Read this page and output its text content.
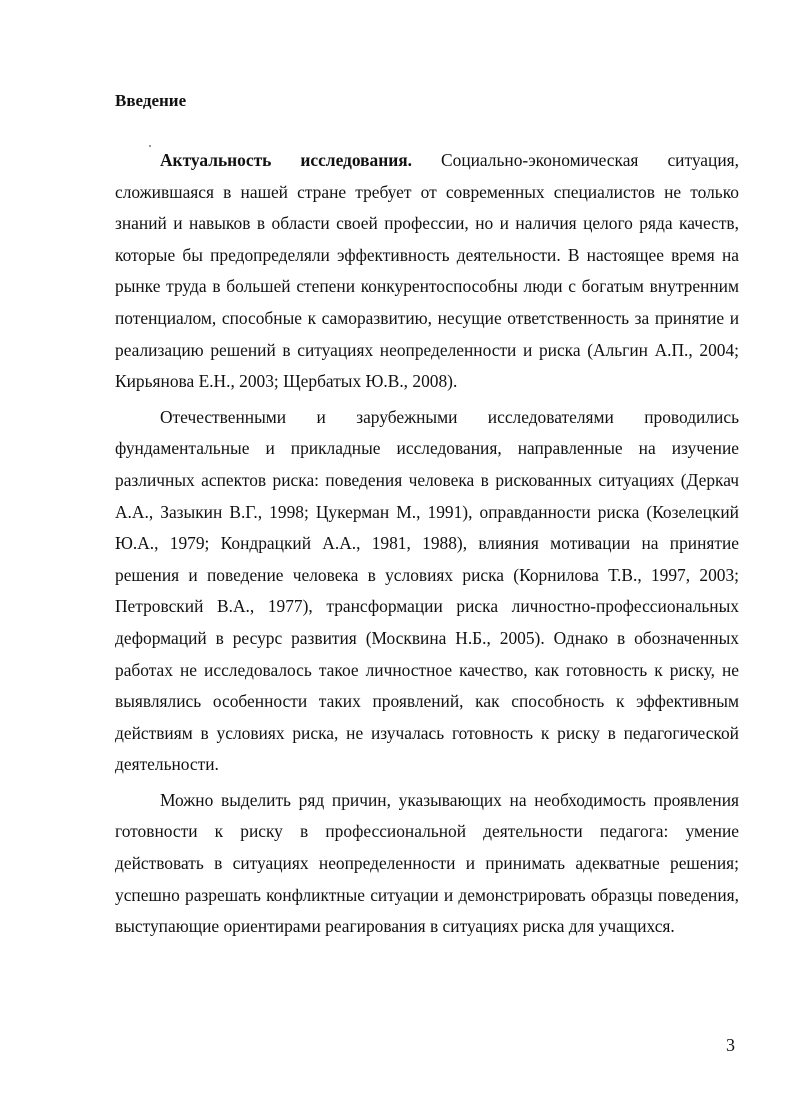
Введение

Актуальность исследования. Социально-экономическая ситуация, сложившаяся в нашей стране требует от современных специалистов не только знаний и навыков в области своей профессии, но и наличия целого ряда качеств, которые бы предопределяли эффективность деятельности. В настоящее время на рынке труда в большей степени конкурентоспособны люди с богатым внутренним потенциалом, способные к саморазвитию, несущие ответственность за принятие и реализацию решений в ситуациях неопределенности и риска (Альгин А.П., 2004; Кирьянова Е.Н., 2003; Щербатых Ю.В., 2008).

Отечественными и зарубежными исследователями проводились фундаментальные и прикладные исследования, направленные на изучение различных аспектов риска: поведения человека в рискованных ситуациях (Деркач А.А., Зазыкин В.Г., 1998; Цукерман М., 1991), оправданности риска (Козелецкий Ю.А., 1979; Кондрацкий А.А., 1981, 1988), влияния мотивации на принятие решения и поведение человека в условиях риска (Корнилова Т.В., 1997, 2003; Петровский В.А., 1977), трансформации риска личностно-профессиональных деформаций в ресурс развития (Москвина Н.Б., 2005). Однако в обозначенных работах не исследовалось такое личностное качество, как готовность к риску, не выявлялись особенности таких проявлений, как способность к эффективным действиям в условиях риска, не изучалась готовность к риску в педагогической деятельности.

Можно выделить ряд причин, указывающих на необходимость проявления готовности к риску в профессиональной деятельности педагога: умение действовать в ситуациях неопределенности и принимать адекватные решения; успешно разрешать конфликтные ситуации и демонстрировать образцы поведения, выступающие ориентирами реагирования в ситуациях риска для учащихся.

3
